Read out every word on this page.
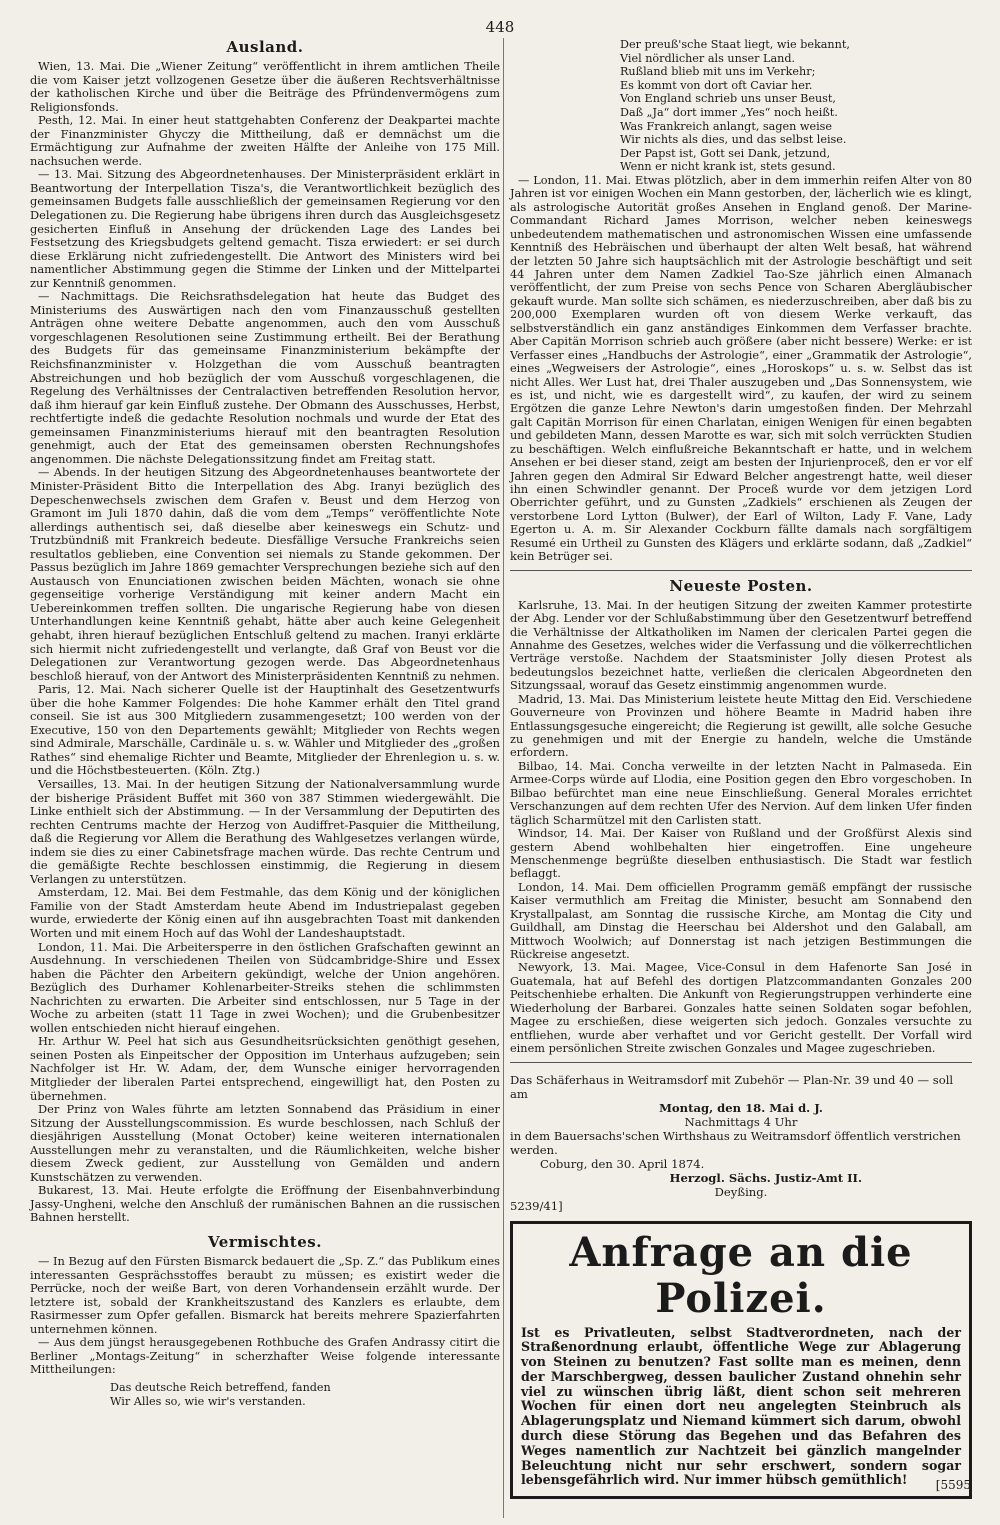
448
Ausland.

Wien, 13. Mai. Die „Wiener Zeitung“ veröffentlicht in ihrem amtlichen Theile die vom Kaiser jetzt vollzogenen Gesetze über die äußeren Rechtsverhältnisse der katholischen Kirche und über die Beiträge des Pfründenvermögens zum Religionsfonds.

Pesth, 12. Mai. In einer heut stattgehabten Conferenz der Deakpartei machte der Finanzminister Ghyczy die Mittheilung, daß er demnächst um die Ermächtigung zur Aufnahme der zweiten Hälfte der Anleihe von 175 Mill. nachsuchen werde.

— 13. Mai. Sitzung des Abgeordnetenhauses. Der Ministerpräsident erklärt in Beantwortung der Interpellation Tisza's, die Verantwortlichkeit bezüglich des gemeinsamen Budgets falle ausschließlich der gemeinsamen Regierung vor den Delegationen zu. Die Regierung habe übrigens ihren durch das Ausgleichsgesetz gesicherten Einfluß in Ansehung der drückenden Lage des Landes bei Festsetzung des Kriegsbudgets geltend gemacht. Tisza erwiedert: er sei durch diese Erklärung nicht zufriedengestellt. Die Antwort des Ministers wird bei namentlicher Abstimmung gegen die Stimme der Linken und der Mittelpartei zur Kenntniß genommen.

— Nachmittags. Die Reichsrathsdelegation hat heute das Budget des Ministeriums des Auswärtigen nach den vom Finanzausschuß gestellten Anträgen ohne weitere Debatte angenommen, auch den vom Ausschuß vorgeschlagenen Resolutionen seine Zustimmung ertheilt. Bei der Berathung des Budgets für das gemeinsame Finanzministerium bekämpfte der Reichsfinanzminister v. Holzgethan die vom Ausschuß beantragten Abstreichungen und hob bezüglich der vom Ausschuß vorgeschlagenen, die Regelung des Verhältnisses der Centralactiven betreffenden Resolution hervor, daß ihm hierauf gar kein Einfluß zustehe. Der Obmann des Ausschusses, Herbst, rechtfertigte indeß die gedachte Resolution nochmals und wurde der Etat des gemeinsamen Finanzministeriums hierauf mit den beantragten Resolution genehmigt, auch der Etat des gemeinsamen obersten Rechnungshofes angenommen. Die nächste Delegationssitzung findet am Freitag statt.

— Abends. In der heutigen Sitzung des Abgeordnetenhauses beantwortete der Minister-Präsident Bitto die Interpellation des Abg. Iranyi bezüglich des Depeschenwechsels zwischen dem Grafen v. Beust und dem Herzog von Gramont im Juli 1870 dahin, daß die vom dem „Temps“ veröffentlichte Note allerdings authentisch sei, daß dieselbe aber keineswegs ein Schutz- und Trutzbündniß mit Frankreich bedeute. Diesfällige Versuche Frankreichs seien resultatlos geblieben, eine Convention sei niemals zu Stande gekommen. Der Passus bezüglich im Jahre 1869 gemachter Versprechungen beziehe sich auf den Austausch von Enunciationen zwischen beiden Mächten, wonach sie ohne gegenseitige vorherige Verständigung mit keiner andern Macht ein Uebereinkommen treffen sollten. Die ungarische Regierung habe von diesen Unterhandlungen keine Kenntniß gehabt, hätte aber auch keine Gelegenheit gehabt, ihren hierauf bezüglichen Entschluß geltend zu machen. Iranyi erklärte sich hiermit nicht zufriedengestellt und verlangte, daß Graf von Beust vor die Delegationen zur Verantwortung gezogen werde. Das Abgeordnetenhaus beschloß hierauf, von der Antwort des Ministerpräsidenten Kenntniß zu nehmen.

Paris, 12. Mai. Nach sicherer Quelle ist der Hauptinhalt des Gesetzentwurfs über die hohe Kammer Folgendes: Die hohe Kammer erhält den Titel grand conseil. Sie ist aus 300 Mitgliedern zusammengesetzt; 100 werden von der Executive, 150 von den Departements gewählt; Mitglieder von Rechts wegen sind Admirale, Marschälle, Cardinäle u. s. w. Wähler und Mitglieder des „großen Rathes“ sind ehemalige Richter und Beamte, Mitglieder der Ehrenlegion u. s. w. und die Höchstbesteuerten. (Köln. Ztg.)

Versailles, 13. Mai. In der heutigen Sitzung der Nationalversammlung wurde der bisherige Präsident Buffet mit 360 von 387 Stimmen wiedergewählt. Die Linke enthielt sich der Abstimmung. — In der Versammlung der Deputirten des rechten Centrums machte der Herzog von Audiffret-Pasquier die Mittheilung, daß die Regierung vor Allem die Berathung des Wahlgesetzes verlangen würde, indem sie dies zu einer Cabinetsfrage machen würde. Das rechte Centrum und die gemäßigte Rechte beschlossen einstimmig, die Regierung in diesem Verlangen zu unterstützen.

Amsterdam, 12. Mai. Bei dem Festmahle, das dem König und der königlichen Familie von der Stadt Amsterdam heute Abend im Industriepalast gegeben wurde, erwiederte der König einen auf ihn ausgebrachten Toast mit dankenden Worten und mit einem Hoch auf das Wohl der Landeshauptstadt.

London, 11. Mai. Die Arbeitersperre in den östlichen Grafschaften gewinnt an Ausdehnung. In verschiedenen Theilen von Südcambridge-Shire und Essex haben die Pächter den Arbeitern gekündigt, welche der Union angehören. Bezüglich des Durhamer Kohlenarbeiter-Streiks stehen die schlimmsten Nachrichten zu erwarten. Die Arbeiter sind entschlossen, nur 5 Tage in der Woche zu arbeiten (statt 11 Tage in zwei Wochen); und die Grubenbesitzer wollen entschieden nicht hierauf eingehen.

Hr. Arthur W. Peel hat sich aus Gesundheitsrücksichten genöthigt gesehen, seinen Posten als Einpeitscher der Opposition im Unterhaus aufzugeben; sein Nachfolger ist Hr. W. Adam, der, dem Wunsche einiger hervorragenden Mitglieder der liberalen Partei entsprechend, eingewilligt hat, den Posten zu übernehmen.

Der Prinz von Wales führte am letzten Sonnabend das Präsidium in einer Sitzung der Ausstellungscommission. Es wurde beschlossen, nach Schluß der diesjährigen Ausstellung (Monat October) keine weiteren internationalen Ausstellungen mehr zu veranstalten, und die Räumlichkeiten, welche bisher diesem Zweck gedient, zur Ausstellung von Gemälden und andern Kunstschätzen zu verwenden.

Bukarest, 13. Mai. Heute erfolgte die Eröffnung der Eisenbahnverbindung Jassy-Ungheni, welche den Anschluß der rumänischen Bahnen an die russischen Bahnen herstellt.

Vermischtes.

— In Bezug auf den Fürsten Bismarck bedauert die „Sp. Z.“ das Publikum eines interessanten Gesprächsstoffes beraubt zu müssen; es existirt weder die Perrücke, noch der weiße Bart, von deren Vorhandensein erzählt wurde. Der letztere ist, sobald der Krankheitszustand des Kanzlers es erlaubte, dem Rasirmesser zum Opfer gefallen. Bismarck hat bereits mehrere Spazierfahrten unternehmen können.

— Aus dem jüngst herausgegebenen Rothbuche des Grafen Andrassy citirt die Berliner „Montags-Zeitung“ in scherzhafter Weise folgende interessante Mittheilungen:

Das deutsche Reich betreffend, fanden
Wir Alles so, wie wir's verstanden.
Der preuß'sche Staat liegt, wie bekannt,
Viel nördlicher als unser Land.
Rußland blieb mit uns im Verkehr;
Es kommt von dort oft Caviar her.
Von England schrieb uns unser Beust,
Daß „Ja“ dort immer „Yes“ noch heißt.
Was Frankreich anlangt, sagen weise
Wir nichts als dies, und das selbst leise.
Der Papst ist, Gott sei Dank, jetzund,
Wenn er nicht krank ist, stets gesund.

— London, 11. Mai. Etwas plötzlich, aber in dem immerhin reifen Alter von 80 Jahren ist vor einigen Wochen ein Mann gestorben, der, lächerlich wie es klingt, als astrologische Autorität großes Ansehen in England genoß. Der Marine-Commandant Richard James Morrison, welcher neben keineswegs unbedeutendem mathematischen und astronomischen Wissen eine umfassende Kenntniß des Hebräischen und überhaupt der alten Welt besaß, hat während der letzten 50 Jahre sich hauptsächlich mit der Astrologie beschäftigt und seit 44 Jahren unter dem Namen Zadkiel Tao-Sze jährlich einen Almanach veröffentlicht, der zum Preise von sechs Pence von Scharen Abergläubischer gekauft wurde. Man sollte sich schämen, es niederzuschreiben, aber daß bis zu 200,000 Exemplaren wurden oft von diesem Werke verkauft, das selbstverständlich ein ganz anständiges Einkommen dem Verfasser brachte. Aber Capitän Morrison schrieb auch größere (aber nicht bessere) Werke: er ist Verfasser eines „Handbuchs der Astrologie“, einer „Grammatik der Astrologie“, eines „Wegweisers der Astrologie“, eines „Horoskops“ u. s. w. Selbst das ist nicht Alles. Wer Lust hat, drei Thaler auszugeben und „Das Sonnensystem, wie es ist, und nicht, wie es dargestellt wird“, zu kaufen, der wird zu seinem Ergötzen die ganze Lehre Newton's darin umgestoßen finden. Der Mehrzahl galt Capitän Morrison für einen Charlatan, einigen Wenigen für einen begabten und gebildeten Mann, dessen Marotte es war, sich mit solch verrückten Studien zu beschäftigen. Welch einflußreiche Bekanntschaft er hatte, und in welchem Ansehen er bei dieser stand, zeigt am besten der Injurienproceß, den er vor elf Jahren gegen den Admiral Sir Edward Belcher angestrengt hatte, weil dieser ihn einen Schwindler genannt. Der Proceß wurde vor dem jetzigen Lord Oberrichter geführt, und zu Gunsten „Zadkiels“ erschienen als Zeugen der verstorbene Lord Lytton (Bulwer), der Earl of Wilton, Lady F. Vane, Lady Egerton u. A. m. Sir Alexander Cockburn fällte damals nach sorgfältigem Resumé ein Urtheil zu Gunsten des Klägers und erklärte sodann, daß „Zadkiel“ kein Betrüger sei.

Neueste Posten.

Karlsruhe, 13. Mai. In der heutigen Sitzung der zweiten Kammer protestirte der Abg. Lender vor der Schlußabstimmung über den Gesetzentwurf betreffend die Verhältnisse der Altkatholiken im Namen der clericalen Partei gegen die Annahme des Gesetzes, welches wider die Verfassung und die völkerrechtlichen Verträge verstoße. Nachdem der Staatsminister Jolly diesen Protest als bedeutungslos bezeichnet hatte, verließen die clericalen Abgeordneten den Sitzungssaal, worauf das Gesetz einstimmig angenommen wurde.

Madrid, 13. Mai. Das Ministerium leistete heute Mittag den Eid. Verschiedene Gouverneure von Provinzen und höhere Beamte in Madrid haben ihre Entlassungsgesuche eingereicht; die Regierung ist gewillt, alle solche Gesuche zu genehmigen und mit der Energie zu handeln, welche die Umstände erfordern.

Bilbao, 14. Mai. Concha verweilte in der letzten Nacht in Palmaseda. Ein Armee-Corps würde auf Llodia, eine Position gegen den Ebro vorgeschoben. In Bilbao befürchtet man eine neue Einschließung. General Morales errichtet Verschanzungen auf dem rechten Ufer des Nervion. Auf dem linken Ufer finden täglich Scharmützel mit den Carlisten statt.

Windsor, 14. Mai. Der Kaiser von Rußland und der Großfürst Alexis sind gestern Abend wohlbehalten hier eingetroffen. Eine ungeheure Menschenmenge begrüßte dieselben enthusiastisch. Die Stadt war festlich beflaggt.

London, 14. Mai. Dem officiellen Programm gemäß empfängt der russische Kaiser vermuthlich am Freitag die Minister, besucht am Sonnabend den Krystallpalast, am Sonntag die russische Kirche, am Montag die City und Guildhall, am Dinstag die Heerschau bei Aldershot und den Galaball, am Mittwoch Woolwich; auf Donnerstag ist nach jetzigen Bestimmungen die Rückreise angesetzt.

Newyork, 13. Mai. Magee, Vice-Consul in dem Hafenorte San José in Guatemala, hat auf Befehl des dortigen Platzcommandanten Gonzales 200 Peitschenhiebe erhalten. Die Ankunft von Regierungstruppen verhinderte eine Wiederholung der Barbarei. Gonzales hatte seinen Soldaten sogar befohlen, Magee zu erschießen, diese weigerten sich jedoch. Gonzales versuchte zu entfliehen, wurde aber verhaftet und vor Gericht gestellt. Der Vorfall wird einem persönlichen Streite zwischen Gonzales und Magee zugeschrieben.

Das Schäferhaus in Weitramsdorf mit Zubehör — Plan-Nr. 39 und 40 — soll am
Montag, den 18. Mai d. J.
Nachmittags 4 Uhr
in dem Bauersachs'schen Wirthshaus zu Weitramsdorf öffentlich verstrichen werden.
Coburg, den 30. April 1874.
Herzogl. Sächs. Justiz-Amt II.
Deyßing.
5239/41]
Anfrage an die Polizei.

Ist es Privatleuten, selbst Stadtverordneten, nach der Straßenordnung erlaubt, öffentliche Wege zur Ablagerung von Steinen zu benutzen? Fast sollte man es meinen, denn der Marschbergweg, dessen baulicher Zustand ohnehin sehr viel zu wünschen übrig läßt, dient schon seit mehreren Wochen für einen dort neu angelegten Steinbruch als Ablagerungsplatz und Niemand kümmert sich darum, obwohl durch diese Störung das Begehen und das Befahren des Weges namentlich zur Nachtzeit bei gänzlich mangelnder Beleuchtung nicht nur sehr erschwert, sondern sogar lebensgefährlich wird. Nur immer hübsch gemüthlich!	[5595
